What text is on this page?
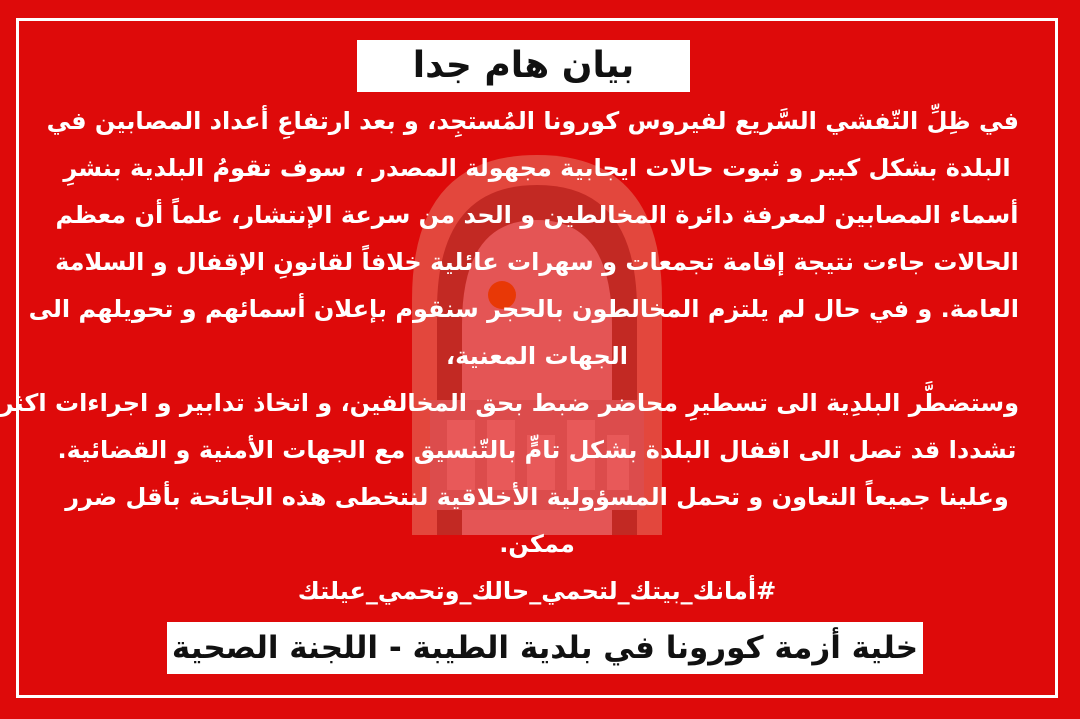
بيان هام جدا
في ظِلِّ التّفشي السَّريع لفيروس كورونا المُستجِد، و بعد ارتفاعِ أعداد المصابين في
البلدة بشكل كبير و ثبوت حالات ايجابية مجهولة المصدر ، سوف تقومُ البلدية بنشرِ
أسماء المصابين لمعرفة دائرة المخالطين و الحد من سرعة الإنتشار، علماً أن معظم
الحالات جاءت نتيجة إقامة تجمعات و سهرات عائلية خلافاً لقانونِ الإقفال و السلامة
العامة. و في حال لم يلتزم المخالطون بالحجر سنقوم بإعلان أسمائهم و تحويلهم الى
الجهات المعنية،
وستضطَّر البلدِية الى تسطيرِ محاضر ضبط بحق المخالفين، و اتخاذ تدابير و اجراءات اكثر
تشددا قد تصل الى اقفال البلدة بشكل تامٍّ بالتّنسيق مع الجهات الأمنية و القضائية.
وعلينا جميعاً التعاون و تحمل المسؤولية الأخلاقية لنتخطى هذه الجائحة بأقل ضرر
ممكن.
#أمانك_بيتك_لتحمي_حالك_وتحمي_عيلتك
خلية أزمة كورونا في بلدية الطيبة - اللجنة الصحية
